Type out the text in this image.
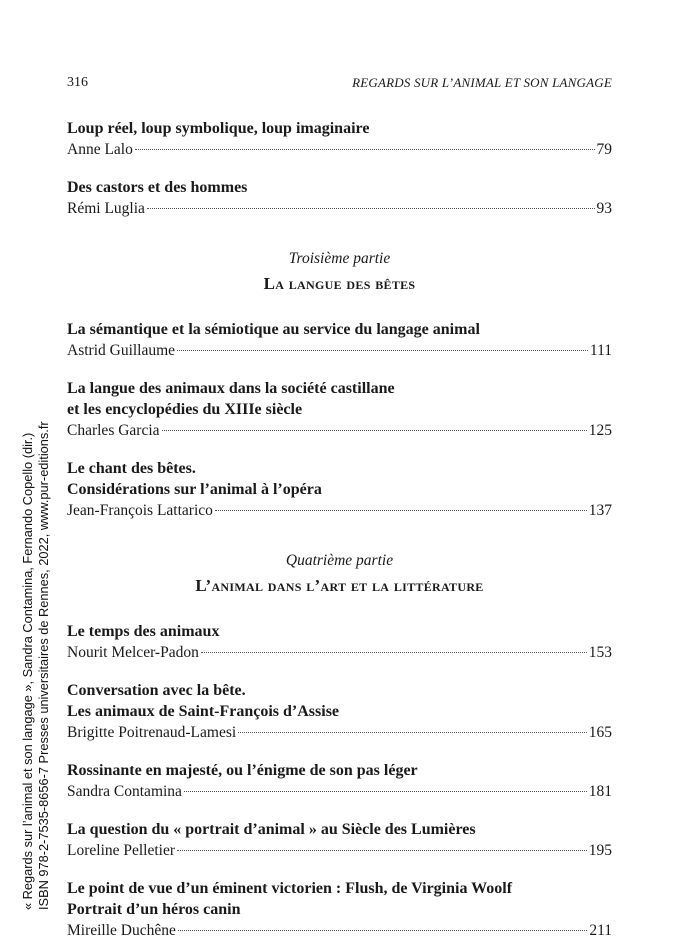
316	REGARDS SUR L’ANIMAL ET SON LANGAGE
Loup réel, loup symbolique, loup imaginaire
Anne Lalo	79
Des castors et des hommes
Rémi Luglia	93
Troisième partie
La langue des bêtes
La sémantique et la sémiotique au service du langage animal
Astrid Guillaume	111
La langue des animaux dans la société castillane
et les encyclopédies du XIIIe siècle
Charles Garcia	125
Le chant des bêtes.
Considérations sur l’animal à l’opéra
Jean-François Lattarico	137
Quatrième partie
L’animal dans l’art et la littérature
Le temps des animaux
Nourit Melcer-Padon	153
Conversation avec la bête.
Les animaux de Saint-François d’Assise
Brigitte Poitrenaud-Lamesi	165
Rossinante en majesté, ou l’énigme de son pas léger
Sandra Contamina	181
La question du « portrait d’animal » au Siècle des Lumières
Loreline Pelletier	195
Le point de vue d’un éminent victorien : Flush, de Virginia Woolf
Portrait d’un héros canin
Mireille Duchêne	211
« Regards sur l’animal et son langage », Sandra Contamina, Fernando Copello (dir.) ISBN 978-2-7535-8656-7 Presses universitaires de Rennes, 2022, www.pur-editions.fr
